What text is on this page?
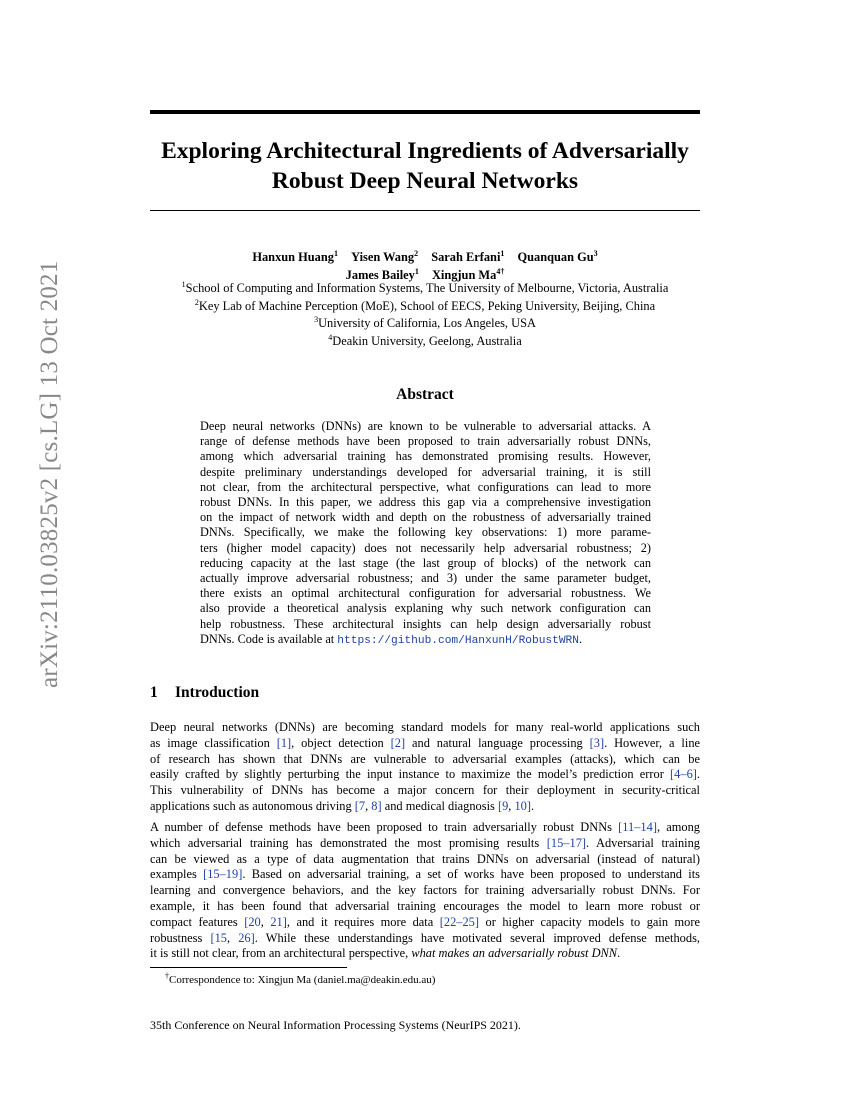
arXiv:2110.03825v2 [cs.LG] 13 Oct 2021
Exploring Architectural Ingredients of Adversarially
Robust Deep Neural Networks
Hanxun Huang$^1$ Yisen Wang$^2$ Sarah Erfani$^1$ Quanquan Gu$^3$
James Bailey$^1$ Xingjun $Ma^{4\dagger}$
$^1$School of Computing and Information Systems, The University of Melbourne, Victoria, Australia
$^2$Key Lab of Machine Perception (MoE), School of EECS, Peking University, Beijing, China
$^3$University of California, Los Angeles, USA
$^4$Deakin University, Geelong, Australia
Abstract
Deep neural networks (DNNs) are known to be vulnerable to adversarial attacks. A
range of defense methods have been proposed to train adversarially robust DNNs,
among which adversarial training has demonstrated promising results. However,
despite preliminary understandings developed for adversarial training, it is still
not clear, from the architectural perspective, what configurations can lead to more
robust DNNs. In this paper, we address this gap via a comprehensive investigation
on the impact of network width and depth on the robustness of adversarially trained
DNNs. Specifically, we make the following key observations: 1) more parame-
ters (higher model capacity) does not necessarily help adversarial robustness; 2)
reducing capacity at the last stage (the last group of blocks) of the network can
actually improve adversarial robustness; and 3) under the same parameter budget,
there exists an optimal architectural configuration for adversarial robustness. We
also provide a theoretical analysis explaning why such network configuration can
help robustness. These architectural insights can help design adversarially robust
DNNs. Code is available at https://github.com/HanxunH/RobustWRN.
1 Introduction
Deep neural networks (DNNs) are becoming standard models for many real-world applications such
as image classification [1], object detection [2] and natural language processing [3]. However, a line
of research has shown that DNNs are vulnerable to adversarial examples (attacks), which can be
easily crafted by slightly perturbing the input instance to maximize the model’s prediction error [4–6].
This vulnerability of DNNs has become a major concern for their deployment in security-critical
applications such as autonomous driving [7, 8] and medical diagnosis [9, 10].
A number of defense methods have been proposed to train adversarially robust DNNs [11–14], among
which adversarial training has demonstrated the most promising results [15–17]. Adversarial training
can be viewed as a type of data augmentation that trains DNNs on adversarial (instead of natural)
examples [15–19]. Based on adversarial training, a set of works have been proposed to understand its
learning and convergence behaviors, and the key factors for training adversarially robust DNNs. For
example, it has been found that adversarial training encourages the model to learn more robust or
compact features [20, 21], and it requires more data [22–25] or higher capacity models to gain more
robustness [15, 26]. While these understandings have motivated several improved defense methods,
it is still not clear, from an architectural perspective, what makes an adversarially robust DNN.
†Correspondence to: Xingjun Ma (daniel.ma@deakin.edu.au)
35th Conference on Neural Information Processing Systems (NeurIPS 2021).
